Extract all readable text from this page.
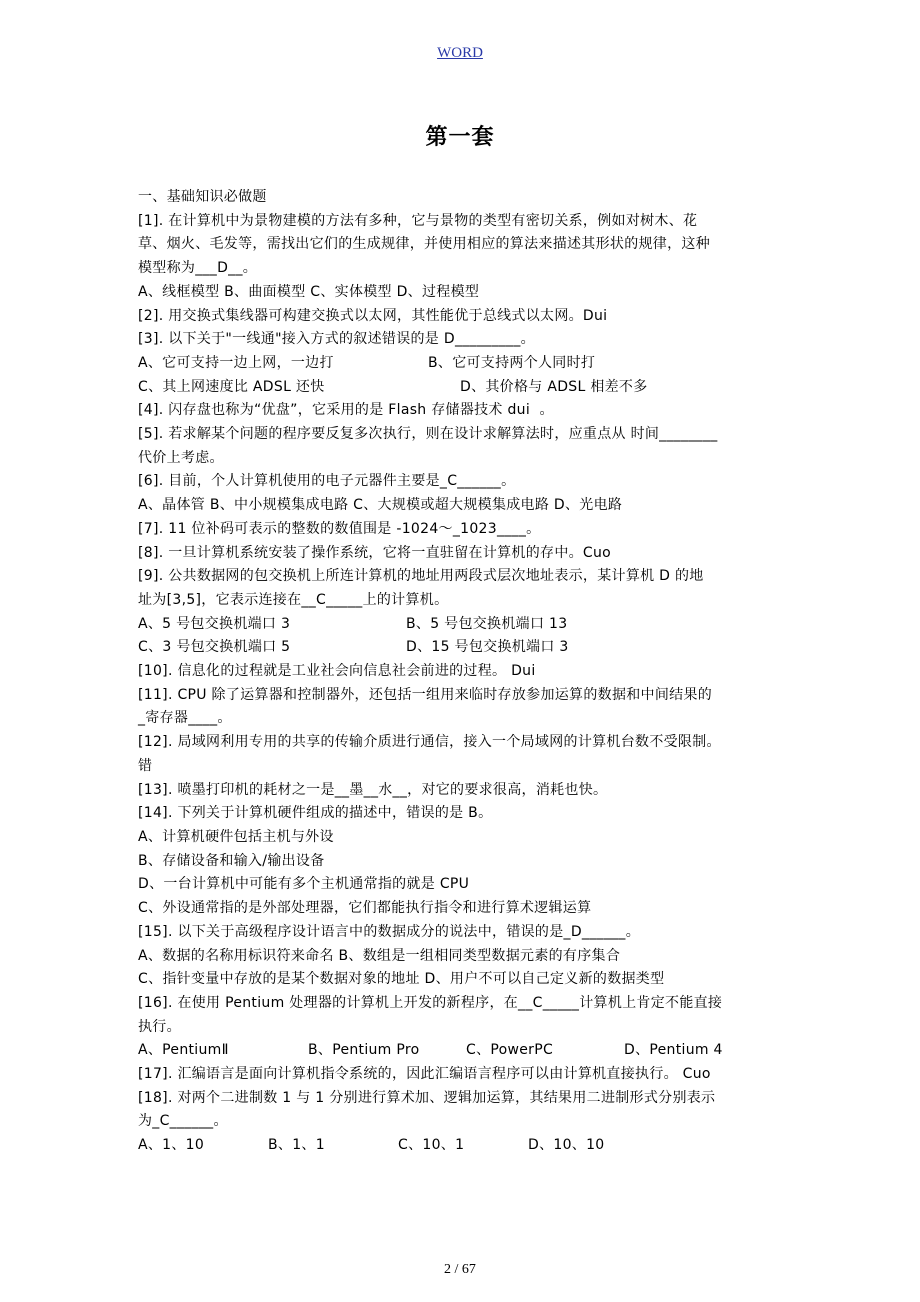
WORD
第一套

一、基础知识必做题

[1]. 在计算机中为景物建模的方法有多种，它与景物的类型有密切关系，例如对树木、花

草、烟火、毛发等，需找出它们的生成规律，并使用相应的算法来描述其形状的规律，这种

模型称为___D__。

A、线框模型 B、曲面模型 C、实体模型 D、过程模型

[2]. 用交换式集线器可构建交换式以太网，其性能优于总线式以太网。Dui

[3]. 以下关于"一线通"接入方式的叙述错误的是 D_________。

A、它可支持一边上网，一边打	B、它可支持两个人同时打
C、其上网速度比 ADSL 还快	D、其价格与 ADSL 相差不多

[4]. 闪存盘也称为“优盘”，它采用的是 Flash 存储器技术 dui  。

[5]. 若求解某个问题的程序要反复多次执行，则在设计求解算法时，应重点从 时间________

代价上考虑。

[6]. 目前，个人计算机使用的电子元器件主要是_C______。

A、晶体管 B、中小规模集成电路 C、大规模或超大规模集成电路 D、光电路

[7]. 11 位补码可表示的整数的数值围是 -1024～_1023____。

[8]. 一旦计算机系统安装了操作系统，它将一直驻留在计算机的存中。Cuo

[9]. 公共数据网的包交换机上所连计算机的地址用两段式层次地址表示，某计算机 D 的地

址为[3,5]，它表示连接在__C_____上的计算机。

A、5 号包交换机端口 3	B、5 号包交换机端口 13
C、3 号包交换机端口 5	D、15 号包交换机端口 3

[10]. 信息化的过程就是工业社会向信息社会前进的过程。 Dui

[11]. CPU 除了运算器和控制器外，还包括一组用来临时存放参加运算的数据和中间结果的

_寄存器____。

[12]. 局域网利用专用的共享的传输介质进行通信，接入一个局域网的计算机台数不受限制。

错

[13]. 喷墨打印机的耗材之一是__墨__水__，对它的要求很高，消耗也快。

[14]. 下列关于计算机硬件组成的描述中，错误的是 B。

A、计算机硬件包括主机与外设

B、存储设备和输入/输出设备

D、一台计算机中可能有多个主机通常指的就是 CPU

C、外设通常指的是外部处理器，它们都能执行指令和进行算术逻辑运算

[15]. 以下关于高级程序设计语言中的数据成分的说法中，错误的是_D______。

A、数据的名称用标识符来命名 B、数组是一组相同类型数据元素的有序集合

C、指针变量中存放的是某个数据对象的地址 D、用户不可以自己定义新的数据类型

[16]. 在使用 Pentium 处理器的计算机上开发的新程序，在__C_____计算机上肯定不能直接

执行。

A、PentiumⅡ	B、Pentium Pro	C、PowerPC	D、Pentium 4

[17]. 汇编语言是面向计算机指令系统的，因此汇编语言程序可以由计算机直接执行。 Cuo

[18]. 对两个二进制数 1 与 1 分别进行算术加、逻辑加运算，其结果用二进制形式分别表示

为_C______。

A、1、10	B、1、1	C、10、1	D、10、10
2 / 67
